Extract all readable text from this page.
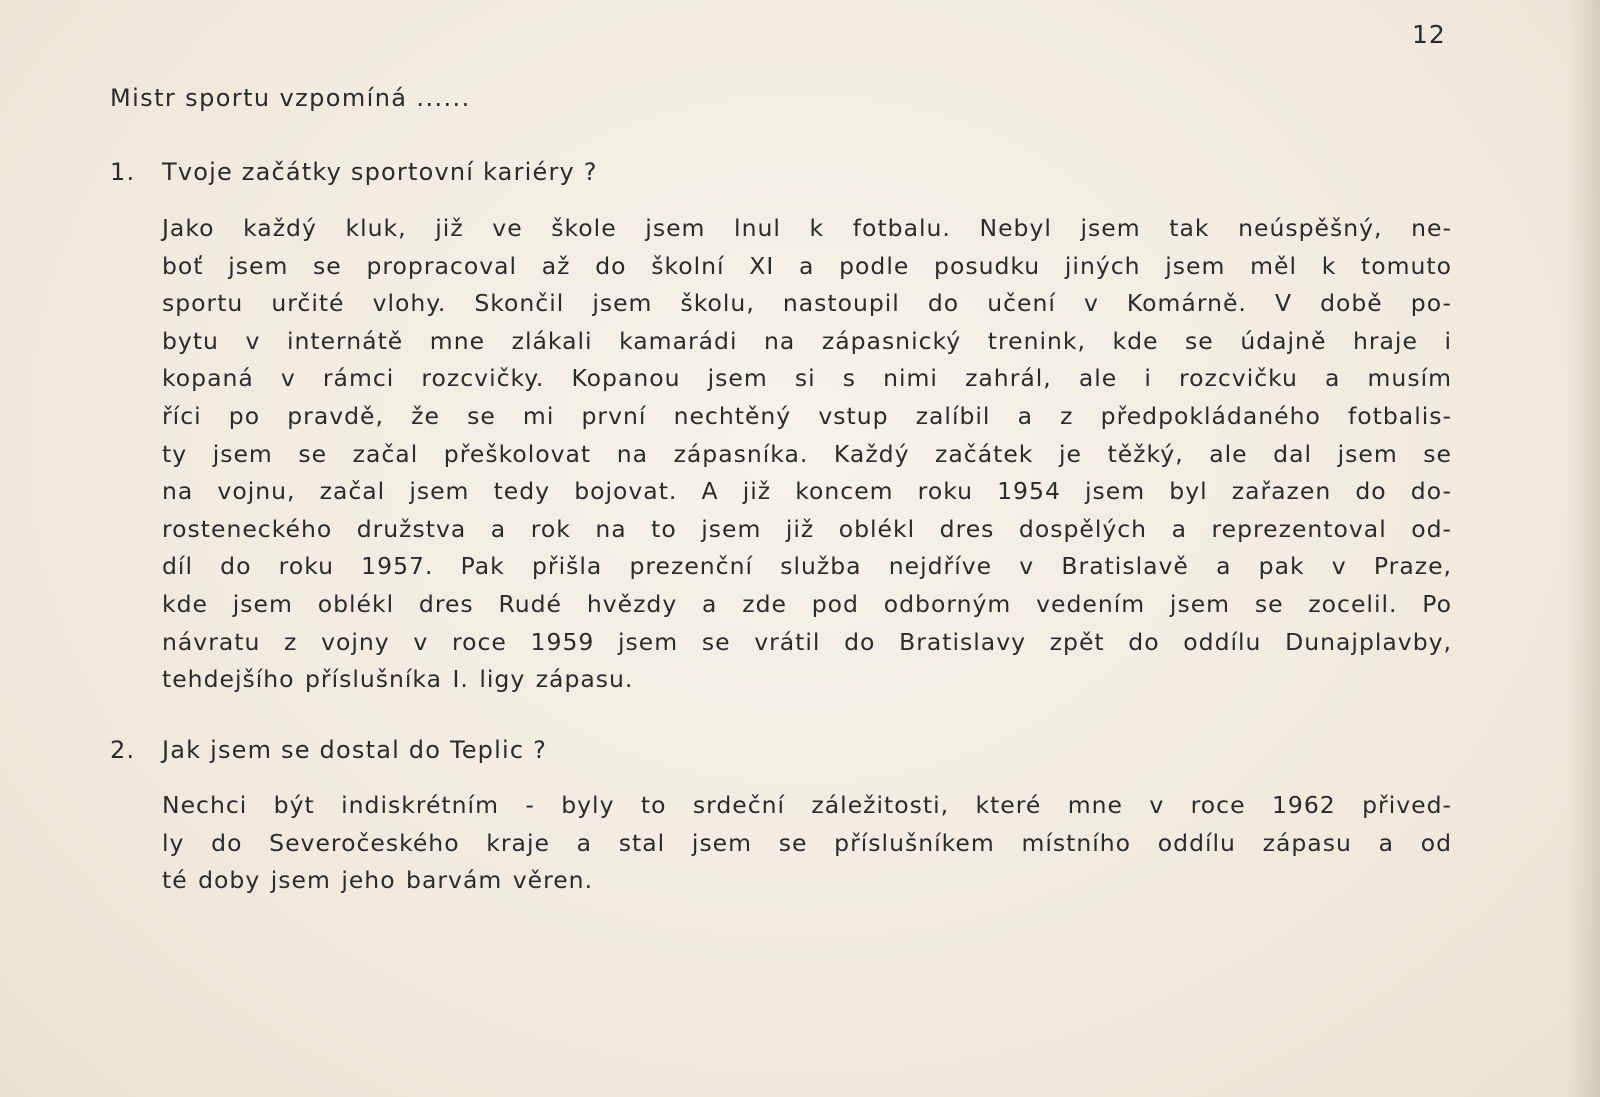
12
Mistr sportu vzpomíná ......
1. Tvoje začátky sportovní kariéry ?
Jako každý kluk, již ve škole jsem lnul k fotbalu. Nebyl jsem tak neúspěšný, ne-
boť jsem se propracoval až do školní XI a podle posudku jiných jsem měl k tomuto
sportu určité vlohy. Skončil jsem školu, nastoupil do učení v Komárně. V době po-
bytu v internátě mne zlákali kamarádi na zápasnický trenink, kde se údajně hraje i
kopaná v rámci rozcvičky. Kopanou jsem si s nimi zahrál, ale i rozcvičku a musím
říci po pravdě, že se mi první nechtěný vstup zalíbil a z předpokládaného fotbalis-
ty jsem se začal přeškolovat na zápasníka. Každý začátek je těžký, ale dal jsem se
na vojnu, začal jsem tedy bojovat. A již koncem roku 1954 jsem byl zařazen do do-
rosteneckého družstva a rok na to jsem již oblékl dres dospělých a reprezentoval od-
díl do roku 1957. Pak přišla prezenční služba nejdříve v Bratislavě a pak v Praze,
kde jsem oblékl dres Rudé hvězdy a zde pod odborným vedením jsem se zocelil. Po
návratu z vojny v roce 1959 jsem se vrátil do Bratislavy zpět do oddílu Dunajplavby,
tehdejšího příslušníka I. ligy zápasu.
2. Jak jsem se dostal do Teplic ?
Nechci být indiskrétním - byly to srdeční záležitosti, které mne v roce 1962 přived-
ly do Severočeského kraje a stal jsem se příslušníkem místního oddílu zápasu a od
té doby jsem jeho barvám věren.
